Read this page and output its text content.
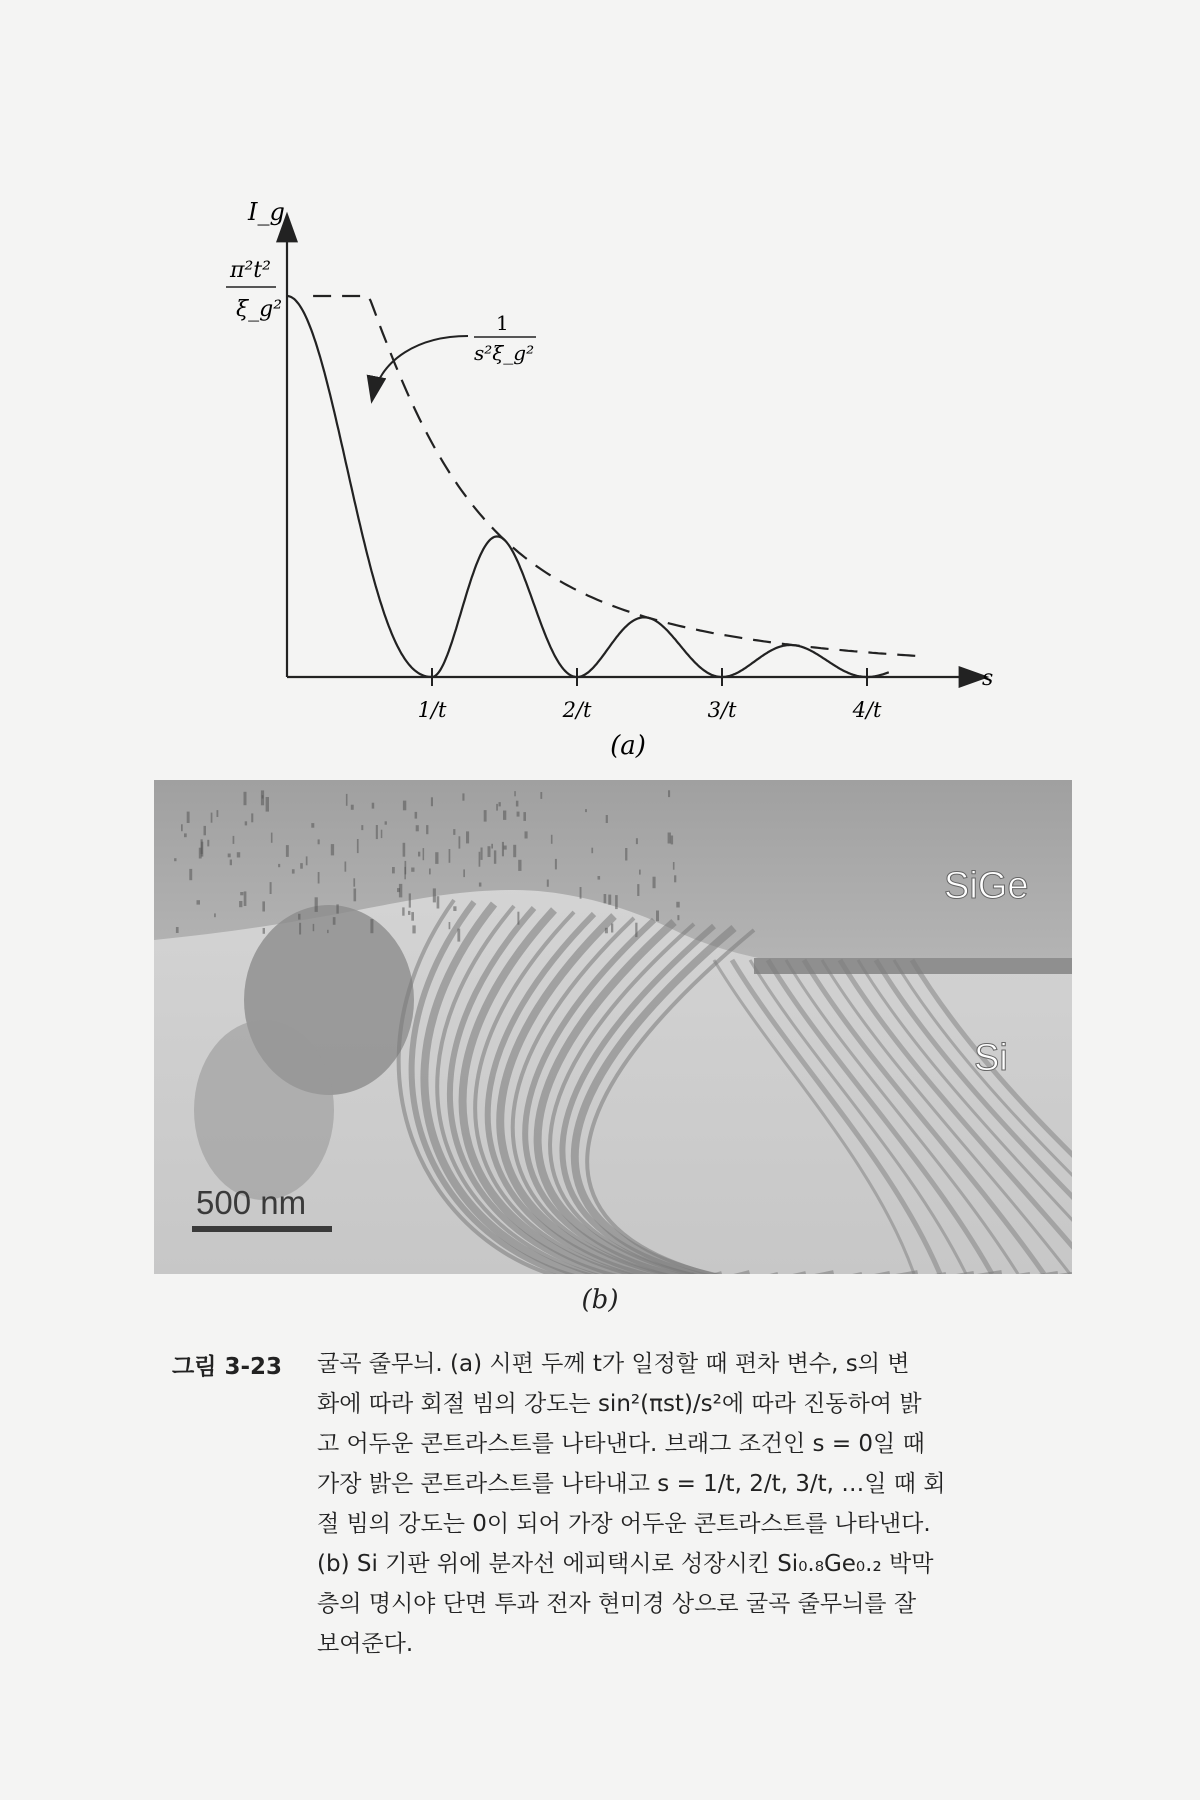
I_g
π²t²
ξ_g²
1
s²ξ_g²
1/t	2/t	3/t	4/t
s
(a)
SiGe
Si
500 nm
(b)
그림 3-23 굴곡 줄무늬. (a) 시편 두께 t가 일정할 때 편차 변수, s의 변
화에 따라 회절 빔의 강도는 sin²(πst)/s²에 따라 진동하여 밝
고 어두운 콘트라스트를 나타낸다. 브래그 조건인 s = 0일 때
가장 밝은 콘트라스트를 나타내고 s = 1/t, 2/t, 3/t, …일 때 회
절 빔의 강도는 0이 되어 가장 어두운 콘트라스트를 나타낸다.
(b) Si 기판 위에 분자선 에피택시로 성장시킨 Si₀.₈Ge₀.₂ 박막
층의 명시야 단면 투과 전자 현미경 상으로 굴곡 줄무늬를 잘
보여준다.
